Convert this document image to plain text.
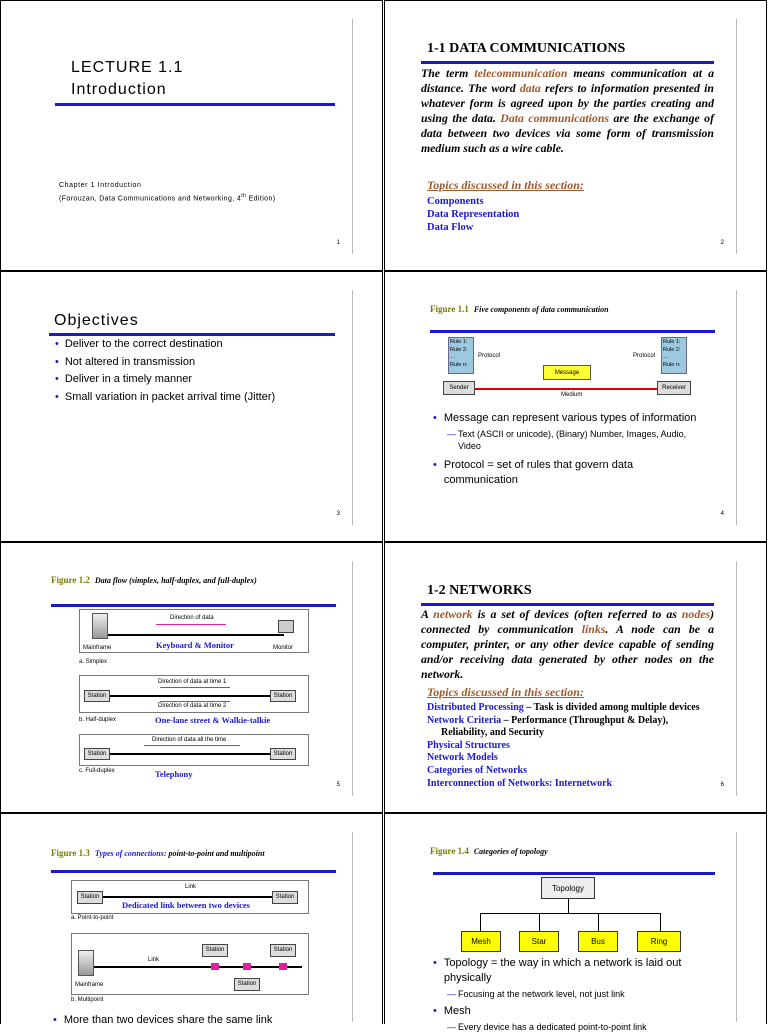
LECTURE 1.1
Introduction
Chapter 1 Introduction
(Forouzan, Data Communications and Networking, 4th Edition)
1
1-1 DATA COMMUNICATIONS
The term telecommunication means communication at a distance. The word data refers to information presented in whatever form is agreed upon by the parties creating and using the data. Data communications are the exchange of data between two devices via some form of transmission medium such as a wire cable.
Topics discussed in this section:
Components
Data Representation
Data Flow
2
Objectives
• Deliver to the correct destination
• Not altered in transmission
• Deliver in a timely manner
• Small variation in packet arrival time (Jitter)
3
Figure 1.1 Five components of data communication
Rule 1:
Rule 2:
…
Rule n:
Rule 1:
Rule 2:
…
Rule n:
Protocol	Protocol
Message
Medium
Sender	Receiver
• Message can represent various types of information
— Text (ASCII or unicode), (Binary) Number, Images, Audio, Video
• Protocol = set of rules that govern data communication
4
Figure 1.2 Data flow (simplex, half-duplex, and full-duplex)
Direction of data
Keyboard & Monitor
Mainframe	Monitor
a. Simplex
Direction of data at time 1
Station	Station
Direction of data at time 2
b. Half-duplex	One-lane street & Walkie-talkie
Direction of data all the time
Station	Station
c. Full-duplex	Telephony
5
1-2 NETWORKS
A network is a set of devices (often referred to as nodes) connected by communication links. A node can be a computer, printer, or any other device capable of sending and/or receiving data generated by other nodes on the network.
Topics discussed in this section:
Distributed Processing – Task is divided among multiple devices
Network Criteria – Performance (Throughput & Delay),
Reliability, and Security
Physical Structures
Network Models
Categories of Networks
Interconnection of Networks: Internetwork	6
Figure 1.3 Types of connections: point-to-point and multipoint
Link
Station	Station
Dedicated link between two devices
a. Point-to-point
Station	Station
Station
Link
Mainframe
b. Multipoint
• More than two devices share the same link
Figure 1.4 Categories of topology
Topology
Mesh	Star	Bus	Ring
• Topology = the way in which a network is laid out physically
— Focusing at the network level, not just link
• Mesh
— Every device has a dedicated point-to-point link
